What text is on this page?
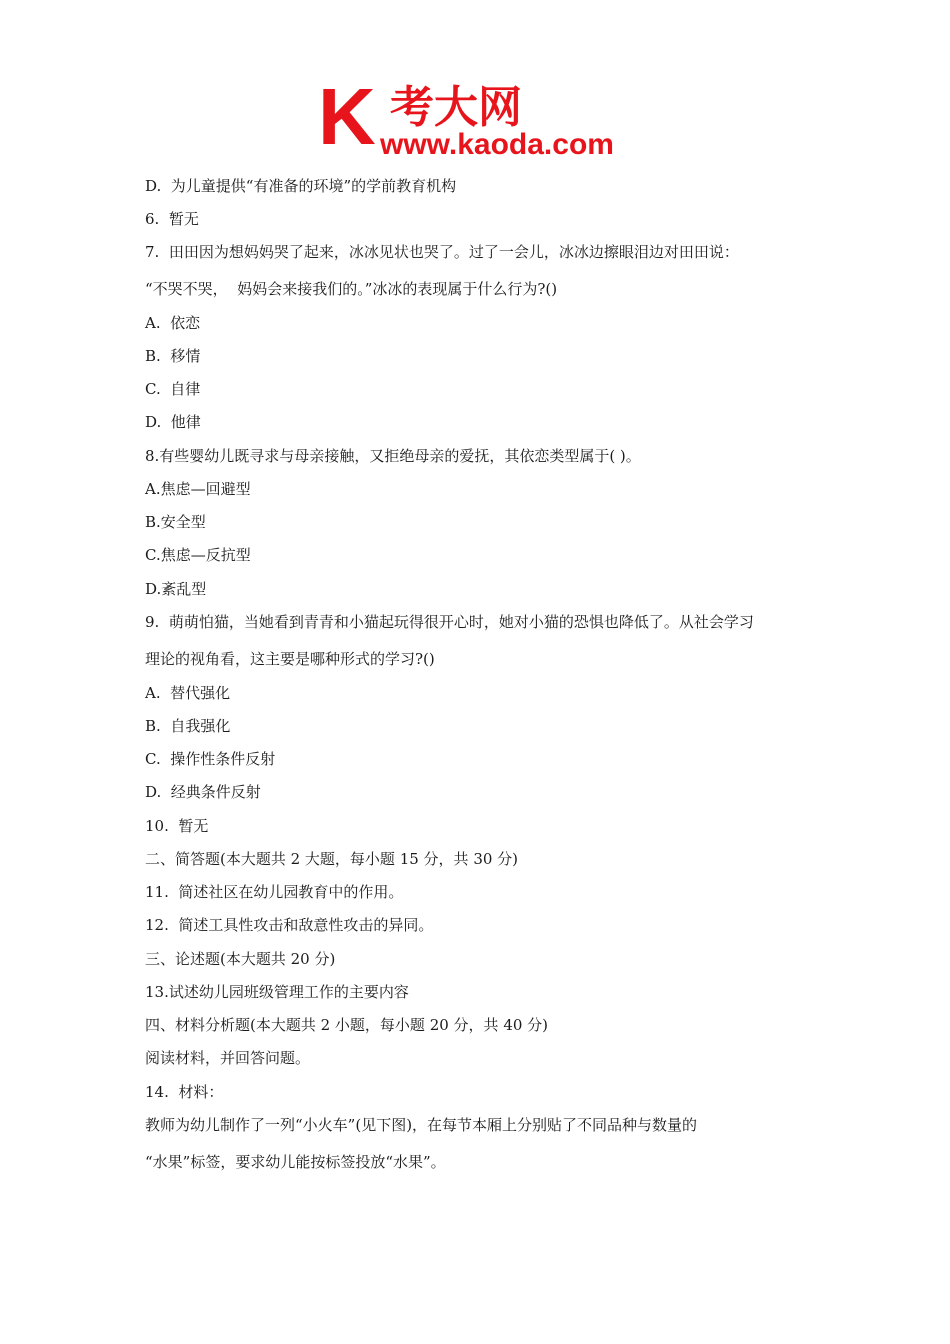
K 考大网
www.kaoda.com
D.  为儿童提供“有准备的环境”的学前教育机构
6.  暂无
7.  田田因为想妈妈哭了起来，冰冰见状也哭了。过了一会儿，冰冰边擦眼泪边对田田说：
“不哭不哭，  妈妈会来接我们的。”冰冰的表现属于什么行为?()
A.  依恋
B.  移情
C.  自律
D.  他律
8.有些婴幼儿既寻求与母亲接触，又拒绝母亲的爱抚，其依恋类型属于( )。
A.焦虑—回避型
B.安全型
C.焦虑—反抗型
D.紊乱型
9.  萌萌怕猫，当她看到青青和小猫起玩得很开心时，她对小猫的恐惧也降低了。从社会学习
理论的视角看，这主要是哪种形式的学习?()
A.  替代强化
B.  自我强化
C.  操作性条件反射
D.  经典条件反射
10.  暂无
二、简答题(本大题共 2 大题，每小题 15 分，共 30 分)
11.  简述社区在幼儿园教育中的作用。
12.  简述工具性攻击和敌意性攻击的异同。
三、论述题(本大题共 20 分)
13.试述幼儿园班级管理工作的主要内容
四、材料分析题(本大题共 2 小题，每小题 20 分，共 40 分)
阅读材料，并回答问题。
14.  材料：
教师为幼儿制作了一列“小火车”(见下图)，在每节本厢上分别贴了不同品种与数量的
“水果”标签，要求幼儿能按标签投放“水果”。
